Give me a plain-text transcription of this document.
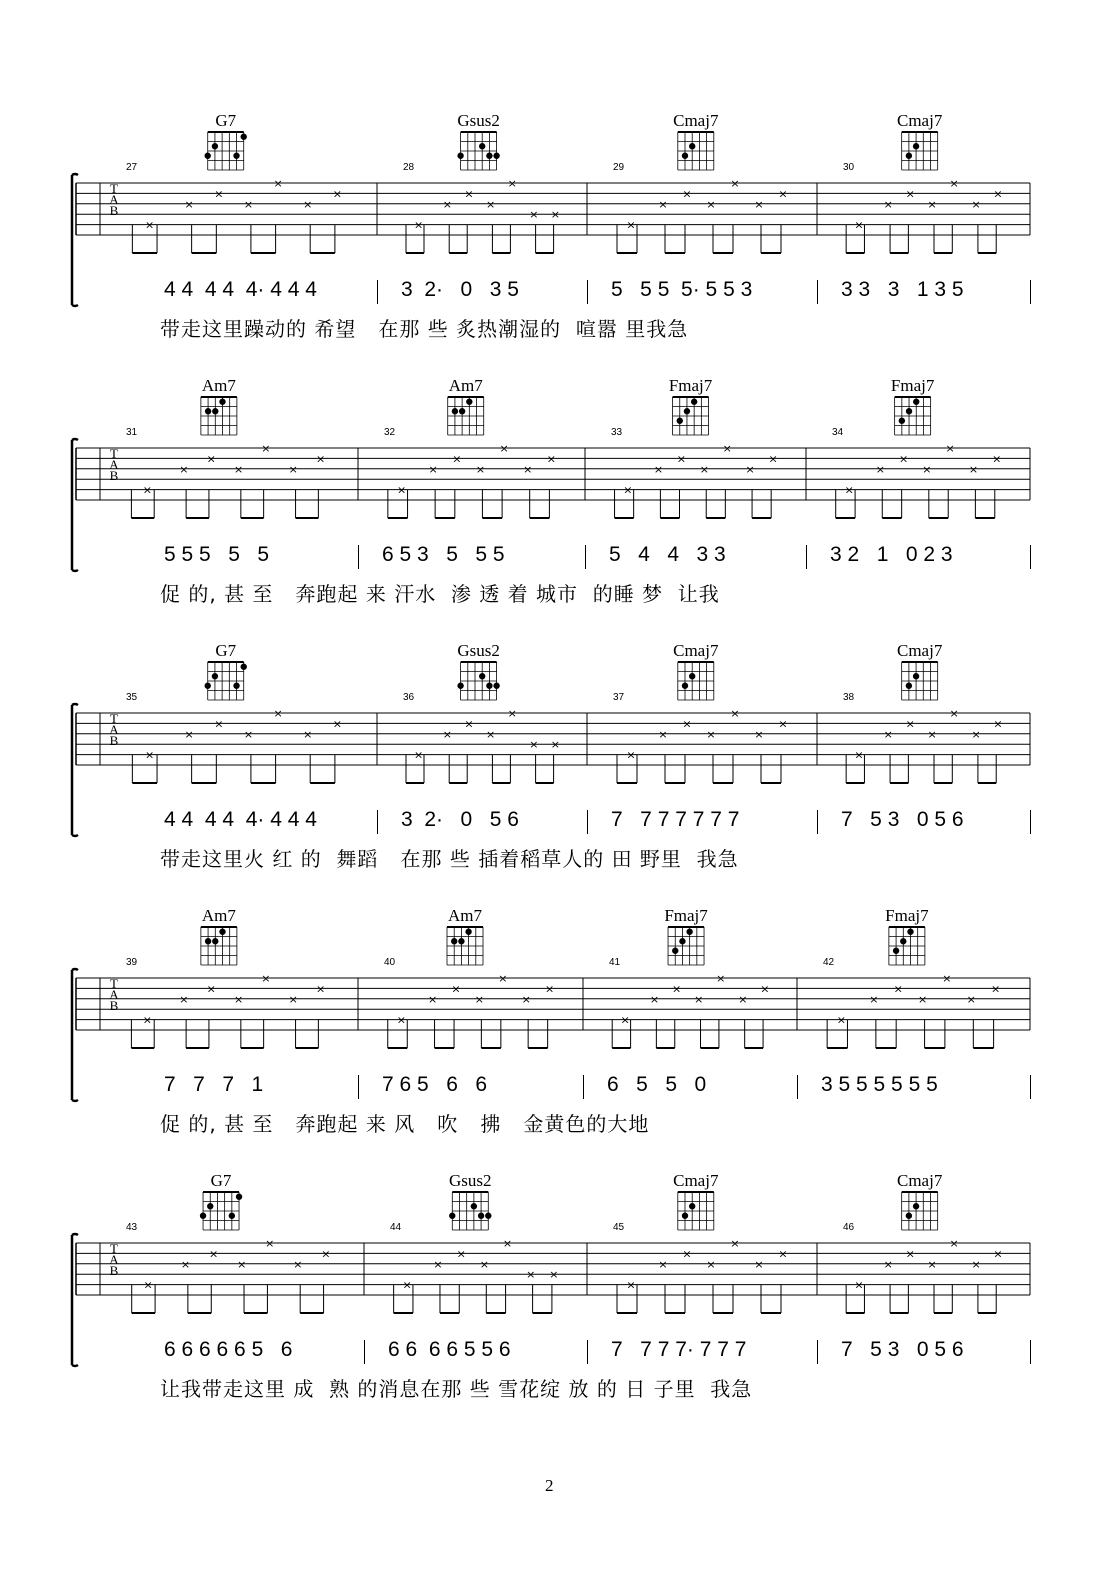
T
A
B
27
G7
×
×
×
×
×
×
×
28
Gsus2
×
×
×
×
×
× ×
29
Cmaj7
×
×
×
×
×
×
×
30
Cmaj7
×
×
×
×
×
×
×
4 4  4 4  4· 4 4 4	3  2·   0   3 5	5   5 5  5· 5 5 3	3 3   3   1 3 5
带走这里躁动的 希望   在那 些 炙热潮湿的  喧嚣 里我急
T
A
B
31
Am7
×
×
×
×
×
×
×
32
Am7
×
×
×
×
×
×
×
33
Fmaj7
×
×
×
×
×
×
×
34
Fmaj7
×
×
×
×
×
×
×
5 5 5   5   5	6 5 3   5   5 5	5   4   4   3 3	3 2   1   0 2 3
促 的, 甚 至   奔跑起 来 汗水  渗 透 着 城市  的睡 梦  让我
T
A
B
35
G7
×
×
×
×
×
×
×
36
Gsus2
×
×
×
×
×
× ×
37
Cmaj7
×
×
×
×
×
×
×
38
Cmaj7
×
×
×
×
×
×
×
4 4  4 4  4· 4 4 4	3  2·   0   5 6	7   7 7 7 7 7 7	7   5 3   0 5 6
带走这里火 红 的  舞蹈   在那 些 插着稻草人的 田 野里  我急
T
A
B
39
Am7
×
×
×
×
×
×
×
40
Am7
×
×
×
×
×
×
×
41
Fmaj7
×
×
×
×
×
×
×
42
Fmaj7
×
×
×
×
×
×
×
7   7   7   1	7 6 5   6   6	6   5   5   0	3 5 5 5 5 5 5
促 的, 甚 至   奔跑起 来 风   吹   拂   金黄色的大地
T
A
B
43
G7
×
×
×
×
×
×
×
44
Gsus2
×
×
×
×
×
× ×
45
Cmaj7
×
×
×
×
×
×
×
46
Cmaj7
×
×
×
×
×
×
×
6 6 6 6 6 5   6	6 6  6 6 5 5 6	7   7 7 7· 7 7 7	7   5 3   0 5 6
让我带走这里 成  熟 的消息在那 些 雪花绽 放 的 日 子里  我急
2
